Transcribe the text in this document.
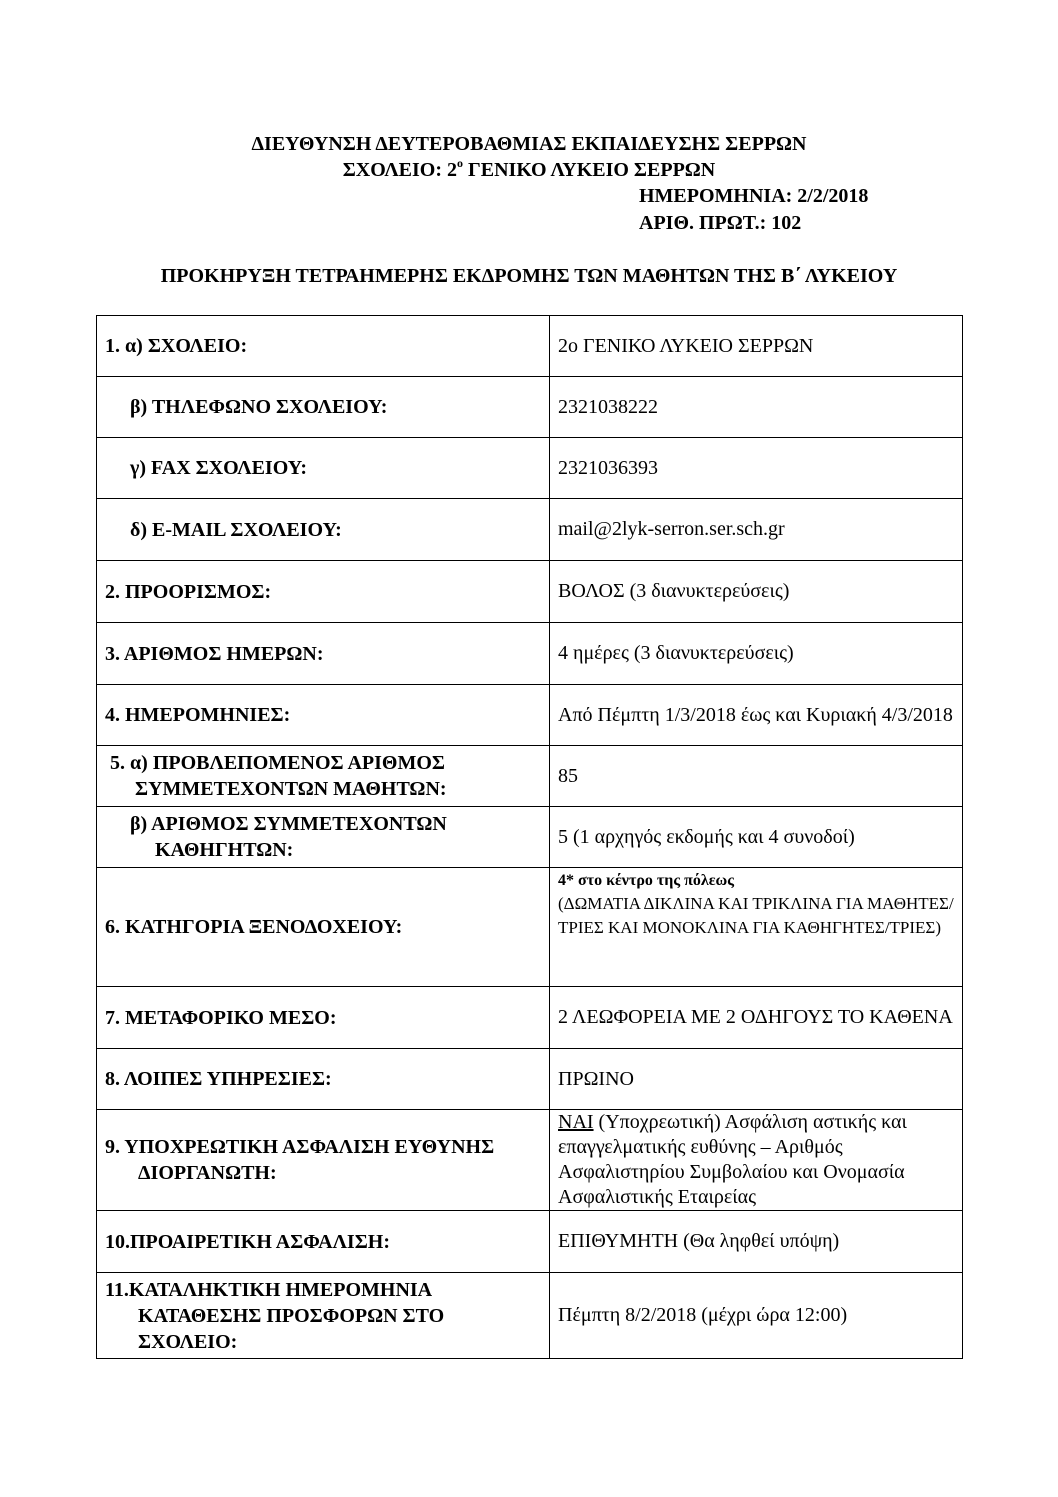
ΔΙΕΥΘΥΝΣΗ ΔΕΥΤΕΡΟΒΑΘΜΙΑΣ ΕΚΠΑΙΔΕΥΣΗΣ ΣΕΡΡΩΝ
ΣΧΟΛΕΙΟ: $2^o$ ΓΕΝΙΚΟ ΛΥΚΕΙΟ ΣΕΡΡΩΝ
ΗΜΕΡΟΜΗΝΙΑ: 2/2/2018
ΑΡΙΘ. ΠΡΩΤ.: 102
ΠΡΟΚΗΡΥΞΗ ΤΕΤΡΑΗΜΕΡΗΣ ΕΚΔΡΟΜΗΣ ΤΩΝ ΜΑΘΗΤΩΝ ΤΗΣ Β΄ ΛΥΚΕΙΟΥ
1. α) ΣΧΟΛΕΙΟ:	2ο ΓΕΝΙΚΟ ΛΥΚΕΙΟ ΣΕΡΡΩΝ

β) ΤΗΛΕΦΩΝΟ ΣΧΟΛΕΙΟΥ:	2321038222

γ) FAX ΣΧΟΛΕΙΟΥ:	2321036393

δ) E-MAIL ΣΧΟΛΕΙΟΥ:	mail@2lyk-serron.ser.sch.gr
2. ΠΡΟΟΡΙΣΜΟΣ:	ΒΟΛΟΣ (3 διανυκτερεύσεις)
3. ΑΡΙΘΜΟΣ ΗΜΕΡΩΝ:	4 ημέρες (3 διανυκτερεύσεις)
4. ΗΜΕΡΟΜΗΝΙΕΣ:	Από Πέμπτη 1/3/2018 έως και Κυριακή 4/3/2018

5. α) ΠΡΟΒΛΕΠΟΜΕΝΟΣ ΑΡΙΘΜΟΣ ΣΥΜΜΕΤΕΧΟΝΤΩΝ ΜΑΘΗΤΩΝ:	85

β) ΑΡΙΘΜΟΣ ΣΥΜΜΕΤΕΧΟΝΤΩΝ ΚΑΘΗΓΗΤΩΝ:	5 (1 αρχηγός εκδομής και 4 συνοδοί)
6. ΚΑΤΗΓΟΡΙΑ ΞΕΝΟΔΟΧΕΙΟΥ:	4* στο κέντρο της πόλεως
(ΔΩΜΑΤΙΑ ΔΙΚΛΙΝΑ ΚΑΙ ΤΡΙΚΛΙΝΑ ΓΙΑ ΜΑΘΗΤΕΣ/ΤΡΙΕΣ ΚΑΙ ΜΟΝΟΚΛΙΝΑ ΓΙΑ ΚΑΘΗΓΗΤΕΣ/ΤΡΙΕΣ)

7. ΜΕΤΑΦΟΡΙΚΟ ΜΕΣΟ:	2 ΛΕΩΦΟΡΕΙΑ ΜΕ 2 ΟΔΗΓΟΥΣ ΤΟ ΚΑΘΕΝΑ
8. ΛΟΙΠΕΣ ΥΠΗΡΕΣΙΕΣ:	ΠΡΩΙΝΟ

9. ΥΠΟΧΡΕΩΤΙΚΗ ΑΣΦΑΛΙΣΗ ΕΥΘΥΝΗΣ ΔΙΟΡΓΑΝΩΤΗ:	ΝΑΙ (Υποχρεωτική) Ασφάλιση αστικής και επαγγελματικής ευθύνης – Αριθμός Ασφαλιστηρίου Συμβολαίου και Ονομασία Ασφαλιστικής Εταιρείας
10.ΠΡΟΑΙΡΕΤΙΚΗ ΑΣΦΑΛΙΣΗ:	ΕΠΙΘΥΜΗΤΗ (Θα ληφθεί υπόψη)

11.ΚΑΤΑΛΗΚΤΙΚΗ ΗΜΕΡΟΜΗΝΙΑ ΚΑΤΑΘΕΣΗΣ ΠΡΟΣΦΟΡΩΝ ΣΤΟ ΣΧΟΛΕΙΟ:	Πέμπτη 8/2/2018 (μέχρι ώρα 12:00)
